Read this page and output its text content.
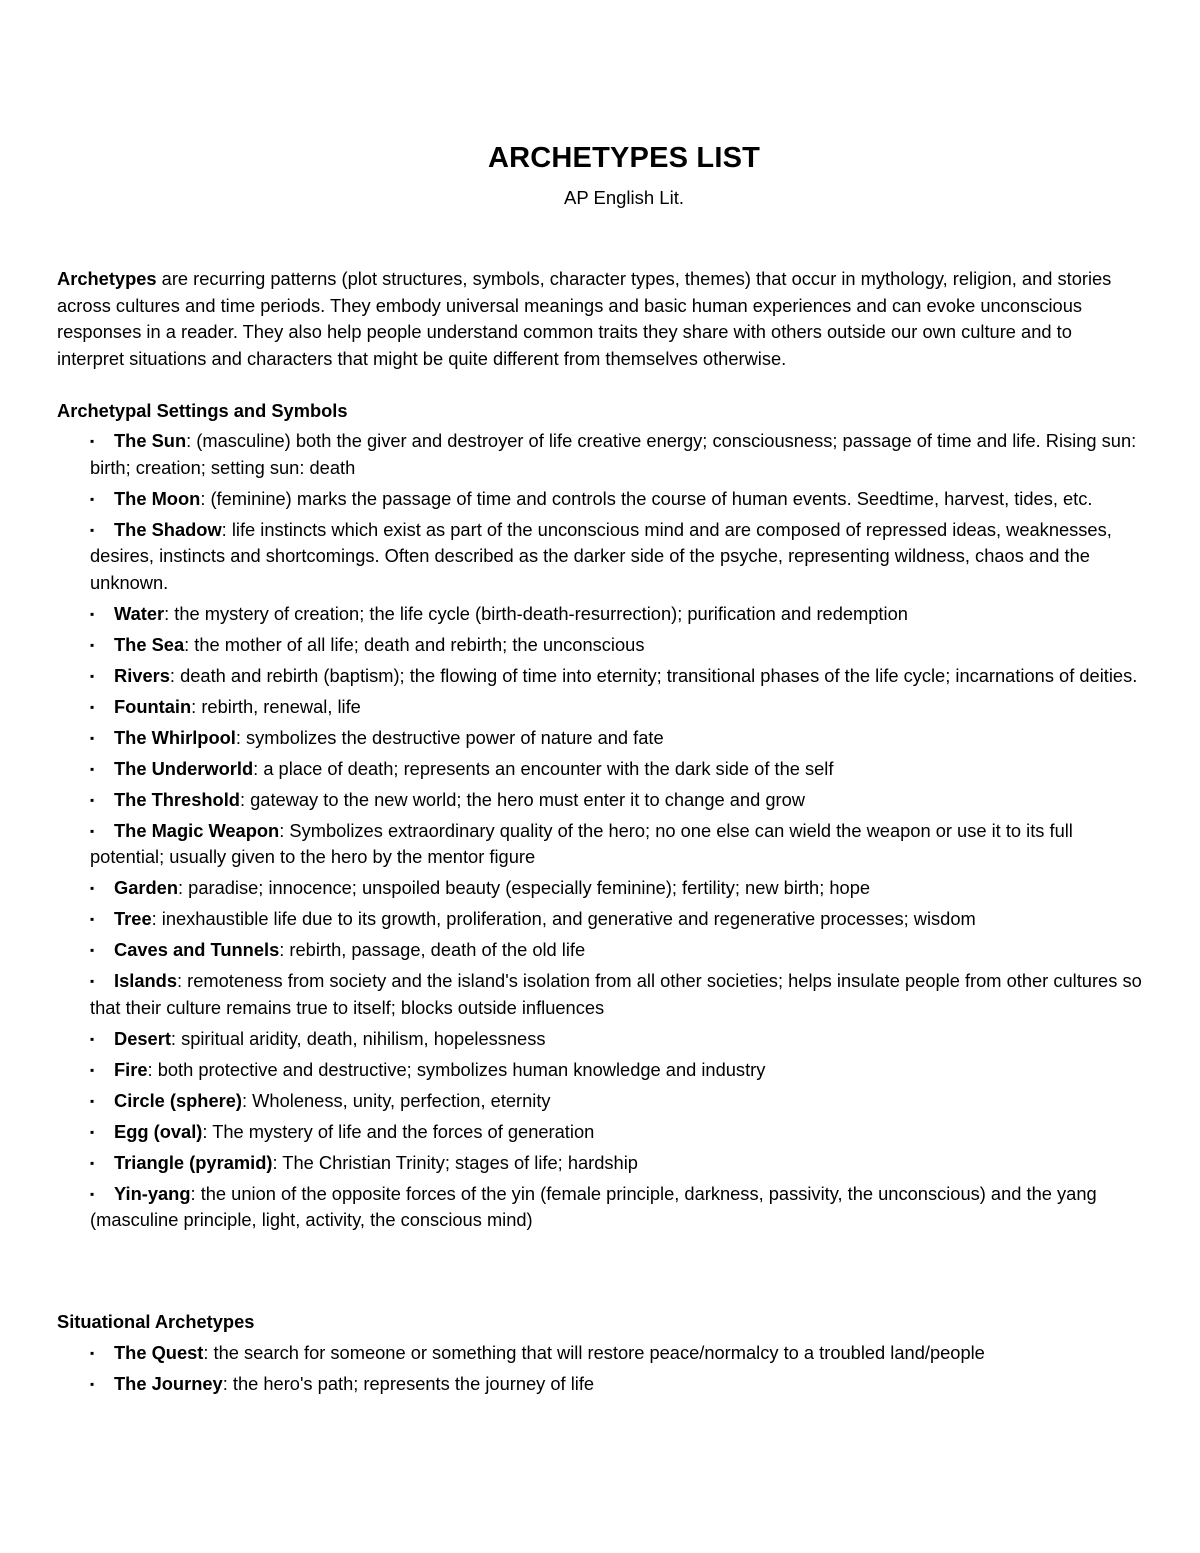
ARCHETYPES LIST
AP English Lit.

Archetypes are recurring patterns (plot structures, symbols, character types, themes) that occur in mythology, religion, and stories across cultures and time periods. They embody universal meanings and basic human experiences and can evoke unconscious responses in a reader. They also help people understand common traits they share with others outside our own culture and to interpret situations and characters that might be quite different from themselves otherwise.

Archetypal Settings and Symbols
▪ The Sun: (masculine) both the giver and destroyer of life creative energy; consciousness; passage of time and life. Rising sun: birth; creation; setting sun: death
▪ The Moon: (feminine) marks the passage of time and controls the course of human events. Seedtime, harvest, tides, etc.
▪ The Shadow: life instincts which exist as part of the unconscious mind and are composed of repressed ideas, weaknesses, desires, instincts and shortcomings. Often described as the darker side of the psyche, representing wildness, chaos and the unknown.
▪ Water: the mystery of creation; the life cycle (birth-death-resurrection); purification and redemption
▪ The Sea: the mother of all life; death and rebirth; the unconscious
▪ Rivers: death and rebirth (baptism); the flowing of time into eternity; transitional phases of the life cycle; incarnations of deities.
▪ Fountain: rebirth, renewal, life
▪ The Whirlpool: symbolizes the destructive power of nature and fate
▪ The Underworld: a place of death; represents an encounter with the dark side of the self
▪ The Threshold: gateway to the new world; the hero must enter it to change and grow
▪ The Magic Weapon: Symbolizes extraordinary quality of the hero; no one else can wield the weapon or use it to its full potential; usually given to the hero by the mentor figure
▪ Garden: paradise; innocence; unspoiled beauty (especially feminine); fertility; new birth; hope
▪ Tree: inexhaustible life due to its growth, proliferation, and generative and regenerative processes; wisdom
▪ Caves and Tunnels: rebirth, passage, death of the old life
▪ Islands: remoteness from society and the island's isolation from all other societies; helps insulate people from other cultures so that their culture remains true to itself; blocks outside influences
▪ Desert: spiritual aridity, death, nihilism, hopelessness
▪ Fire: both protective and destructive; symbolizes human knowledge and industry
▪ Circle (sphere): Wholeness, unity, perfection, eternity
▪ Egg (oval): The mystery of life and the forces of generation
▪ Triangle (pyramid): The Christian Trinity; stages of life; hardship
▪ Yin-yang: the union of the opposite forces of the yin (female principle, darkness, passivity, the unconscious) and the yang (masculine principle, light, activity, the conscious mind)
Situational Archetypes
▪ The Quest: the search for someone or something that will restore peace/normalcy to a troubled land/people
▪ The Journey: the hero's path; represents the journey of life
